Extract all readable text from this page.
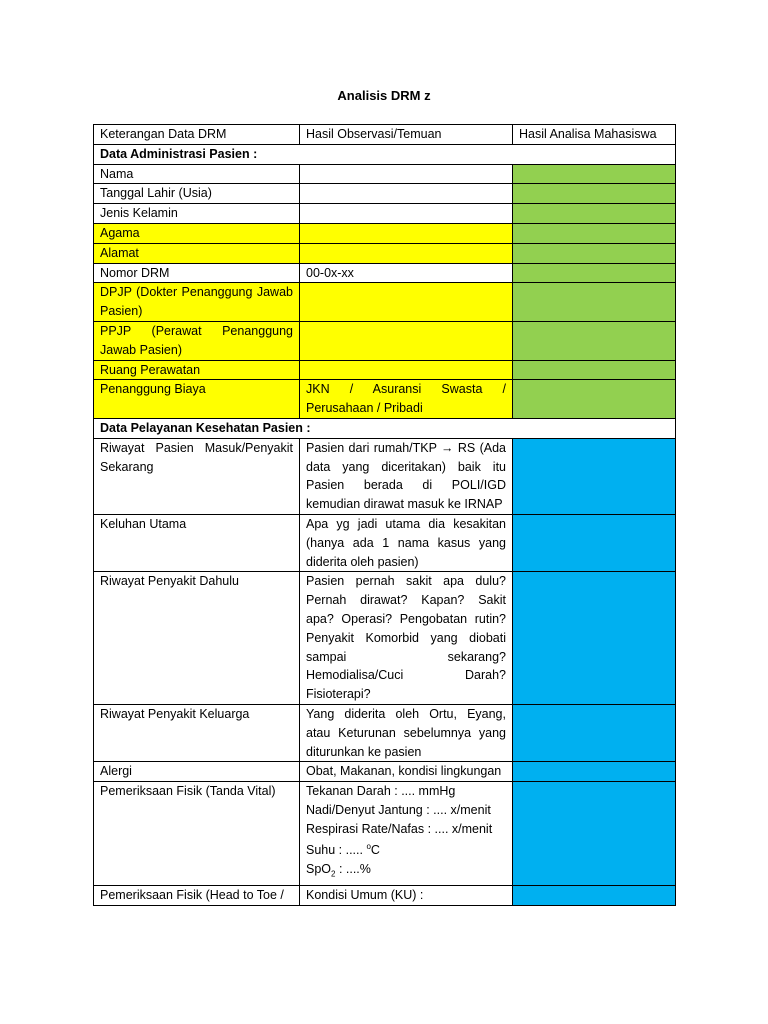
Analisis DRM z
Keterangan Data DRM	Hasil Observasi/Temuan	Hasil Analisa Mahasiswa
Data Administrasi Pasien :		
Nama		
Tanggal Lahir (Usia)		
Jenis Kelamin		
Agama		
Alamat		
Nomor DRM	00-0x-xx	
DPJP (Dokter Penanggung Jawab Pasien)		
PPJP (Perawat Penanggung Jawab Pasien)		
Ruang Perawatan		
Penanggung Biaya	JKN / Asuransi Swasta / Perusahaan / Pribadi	
Data Pelayanan Kesehatan Pasien :		
Riwayat Pasien Masuk/Penyakit Sekarang	Pasien dari rumah/TKP → RS (Ada data yang diceritakan) baik itu Pasien berada di POLI/IGD kemudian dirawat masuk ke IRNAP	
Keluhan Utama	Apa yg jadi utama dia kesakitan (hanya ada 1 nama kasus yang diderita oleh pasien)	
Riwayat Penyakit Dahulu	Pasien pernah sakit apa dulu? Pernah dirawat? Kapan? Sakit apa? Operasi? Pengobatan rutin? Penyakit Komorbid yang diobati sampai sekarang? Hemodialisa/Cuci Darah? Fisioterapi?	
Riwayat Penyakit Keluarga	Yang diderita oleh Ortu, Eyang, atau Keturunan sebelumnya yang diturunkan ke pasien	
Alergi	Obat, Makanan, kondisi lingkungan	
Pemeriksaan Fisik (Tanda Vital)	Tekanan Darah : .... mmHg
Nadi/Denyut Jantung : .... x/menit
Respirasi Rate/Nafas : .... x/menit
Suhu : ..... $^o$C
SpO$_2$ : ....%	

Pemeriksaan Fisik (Head to Toe /	Kondisi Umum (KU) :	
